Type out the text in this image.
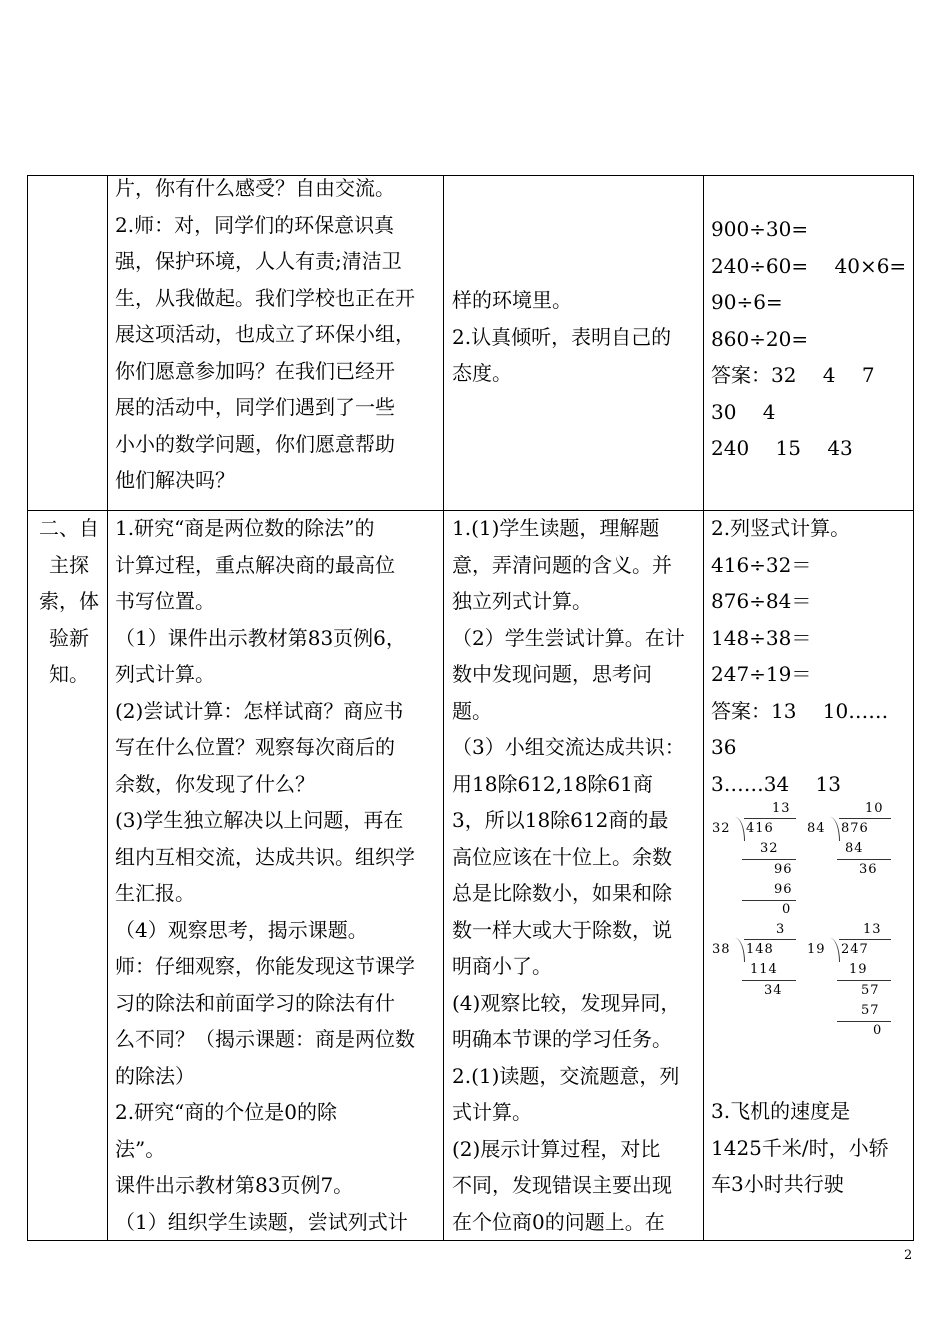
片，你有什么感受？自由交流。
2.师：对，同学们的环保意识真
强，保护环境，人人有责;清洁卫
生，从我做起。我们学校也正在开
展这项活动，也成立了环保小组，
你们愿意参加吗？在我们已经开
展的活动中，同学们遇到了一些
小小的数学问题，你们愿意帮助
他们解决吗？
样的环境里。
2.认真倾听，表明自己的
态度。
900÷30=
240÷60=　 40×6=
90÷6=
860÷20=
答案：32　 4　 7
30　 4
240　 15　 43
二、自
主探
索，体
验新
知。
1.研究“商是两位数的除法”的
计算过程，重点解决商的最高位
书写位置。
（1）课件出示教材第83页例6，
列式计算。
(2)尝试计算：怎样试商？商应书
写在什么位置？观察每次商后的
余数，你发现了什么？
(3)学生独立解决以上问题，再在
组内互相交流，达成共识。组织学
生汇报。
（4）观察思考，揭示课题。
师：仔细观察，你能发现这节课学
习的除法和前面学习的除法有什
么不同？（揭示课题：商是两位数
的除法）
2.研究“商的个位是0的除
法”。
课件出示教材第83页例7。
（1）组织学生读题，尝试列式计
1.(1)学生读题，理解题
意，弄清问题的含义。并
独立列式计算。
（2）学生尝试计算。在计
数中发现问题，思考问
题。
（3）小组交流达成共识：
用18除612,18除61商
3，所以18除612商的最
高位应该在十位上。余数
总是比除数小，如果和除
数一样大或大于除数，说
明商小了。
(4)观察比较，发现异同，
明确本节课的学习任务。
2.(1)读题，交流题意，列
式计算。
(2)展示计算过程，对比
不同，发现错误主要出现
在个位商0的问题上。在
2.列竖式计算。
416÷32＝
876÷84＝
148÷38＝
247÷19＝
答案：13　 10……
36
3……34　 13
13
32 416
32
96
96
0
10
84 876
84
36
3
38 148
114
34
13
19 247
19
57
57
0
3.飞机的速度是
1425千米/时，小轿
车3小时共行驶
2
